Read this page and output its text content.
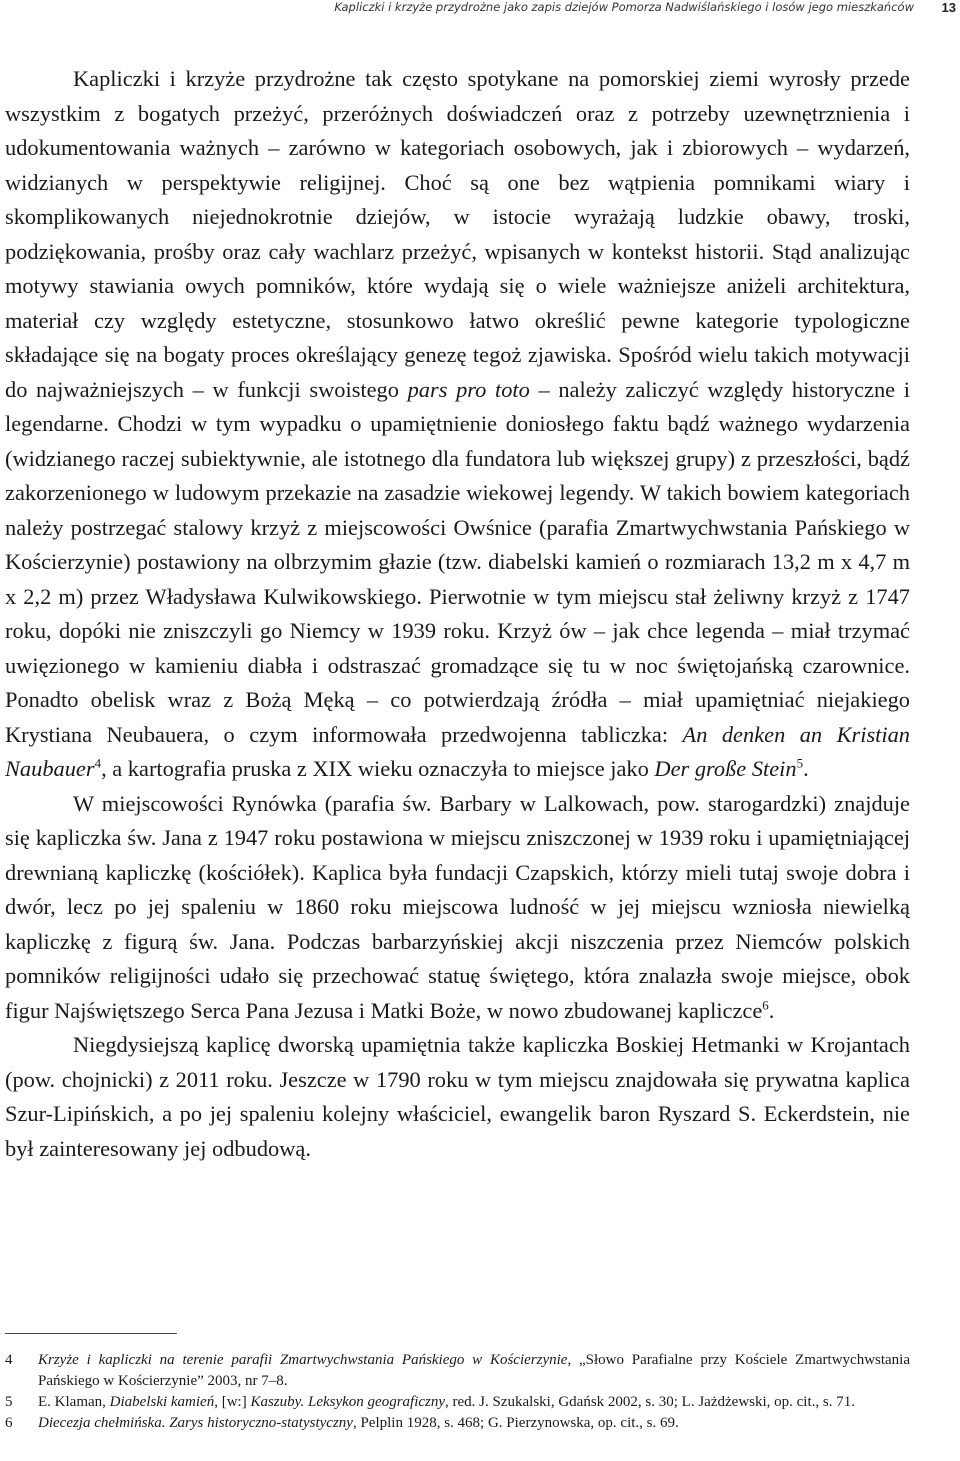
Kapliczki i krzyże przydrożne jako zapis dziejów Pomorza Nadwiślańskiego i losów jego mieszkańców	13

Kapliczki i krzyże przydrożne tak często spotykane na pomorskiej ziemi wyrosły przede wszystkim z bogatych przeżyć, przeróżnych doświadczeń oraz z potrzeby uzewnętrznienia i udokumentowania ważnych – zarówno w kategoriach osobowych, jak i zbiorowych – wydarzeń, widzianych w perspektywie religijnej. Choć są one bez wątpienia pomnikami wiary i skomplikowanych niejednokrotnie dziejów, w istocie wyrażają ludzkie obawy, troski, podziękowania, prośby oraz cały wachlarz przeżyć, wpisanych w kontekst historii. Stąd analizując motywy stawiania owych pomników, które wydają się o wiele ważniejsze aniżeli architektura, materiał czy względy estetyczne, stosunkowo łatwo określić pewne kategorie typologiczne składające się na bogaty proces określający genezę tegoż zjawiska. Spośród wielu takich motywacji do najważniejszych – w funkcji swoistego pars pro toto – należy zaliczyć względy historyczne i legendarne. Chodzi w tym wypadku o upamiętnienie doniosłego faktu bądź ważnego wydarzenia (widzianego raczej subiektywnie, ale istotnego dla fundatora lub większej grupy) z przeszłości, bądź zakorzenionego w ludowym przekazie na zasadzie wiekowej legendy. W takich bowiem kategoriach należy postrzegać stalowy krzyż z miejscowości Owśnice (parafia Zmartwychwstania Pańskiego w Kościerzynie) postawiony na olbrzymim głazie (tzw. diabelski kamień o rozmiarach 13,2 m x 4,7 m x 2,2 m) przez Władysława Kulwikowskiego. Pierwotnie w tym miejscu stał żeliwny krzyż z 1747 roku, dopóki nie zniszczyli go Niemcy w 1939 roku. Krzyż ów – jak chce legenda – miał trzymać uwięzionego w kamieniu diabła i odstraszać gromadzące się tu w noc świętojańską czarownice. Ponadto obelisk wraz z Bożą Męką – co potwierdzają źródła – miał upamiętniać niejakiego Krystiana Neubauera, o czym informowała przedwojenna tabliczka: An denken an Kristian Naubauer$^4$, a kartografia pruska z XIX wieku oznaczyła to miejsce jako Der große Stein$^5$.

W miejscowości Rynówka (parafia św. Barbary w Lalkowach, pow. starogardzki) znajduje się kapliczka św. Jana z 1947 roku postawiona w miejscu zniszczonej w 1939 roku i upamiętniającej drewnianą kapliczkę (kościółek). Kaplica była fundacji Czapskich, którzy mieli tutaj swoje dobra i dwór, lecz po jej spaleniu w 1860 roku miejscowa ludność w jej miejscu wzniosła niewielką kapliczkę z figurą św. Jana. Podczas barbarzyńskiej akcji niszczenia przez Niemców polskich pomników religijności udało się przechować statuę świętego, która znalazła swoje miejsce, obok figur Najświętszego Serca Pana Jezusa i Matki Boże, w nowo zbudowanej kapliczce$^6$.

Niegdysiejszą kaplicę dworską upamiętnia także kapliczka Boskiej Hetmanki w Krojantach (pow. chojnicki) z 2011 roku. Jeszcze w 1790 roku w tym miejscu znajdowała się prywatna kaplica Szur-Lipińskich, a po jej spaleniu kolejny właściciel, ewangelik baron Ryszard S. Eckerdstein, nie był zainteresowany jej odbudową.

4	Krzyże i kapliczki na terenie parafii Zmartwychwstania Pańskiego w Kościerzynie, „Słowo Parafialne przy Kościele Zmartwychwstania Pańskiego w Kościerzynie” 2003, nr 7–8.
5	E. Klaman, Diabelski kamień, [w:] Kaszuby. Leksykon geograficzny, red. J. Szukalski, Gdańsk 2002, s. 30; L. Jażdżewski, op. cit., s. 71.
6	Diecezja chełmińska. Zarys historyczno-statystyczny, Pelplin 1928, s. 468; G. Pierzynowska, op. cit., s. 69.
